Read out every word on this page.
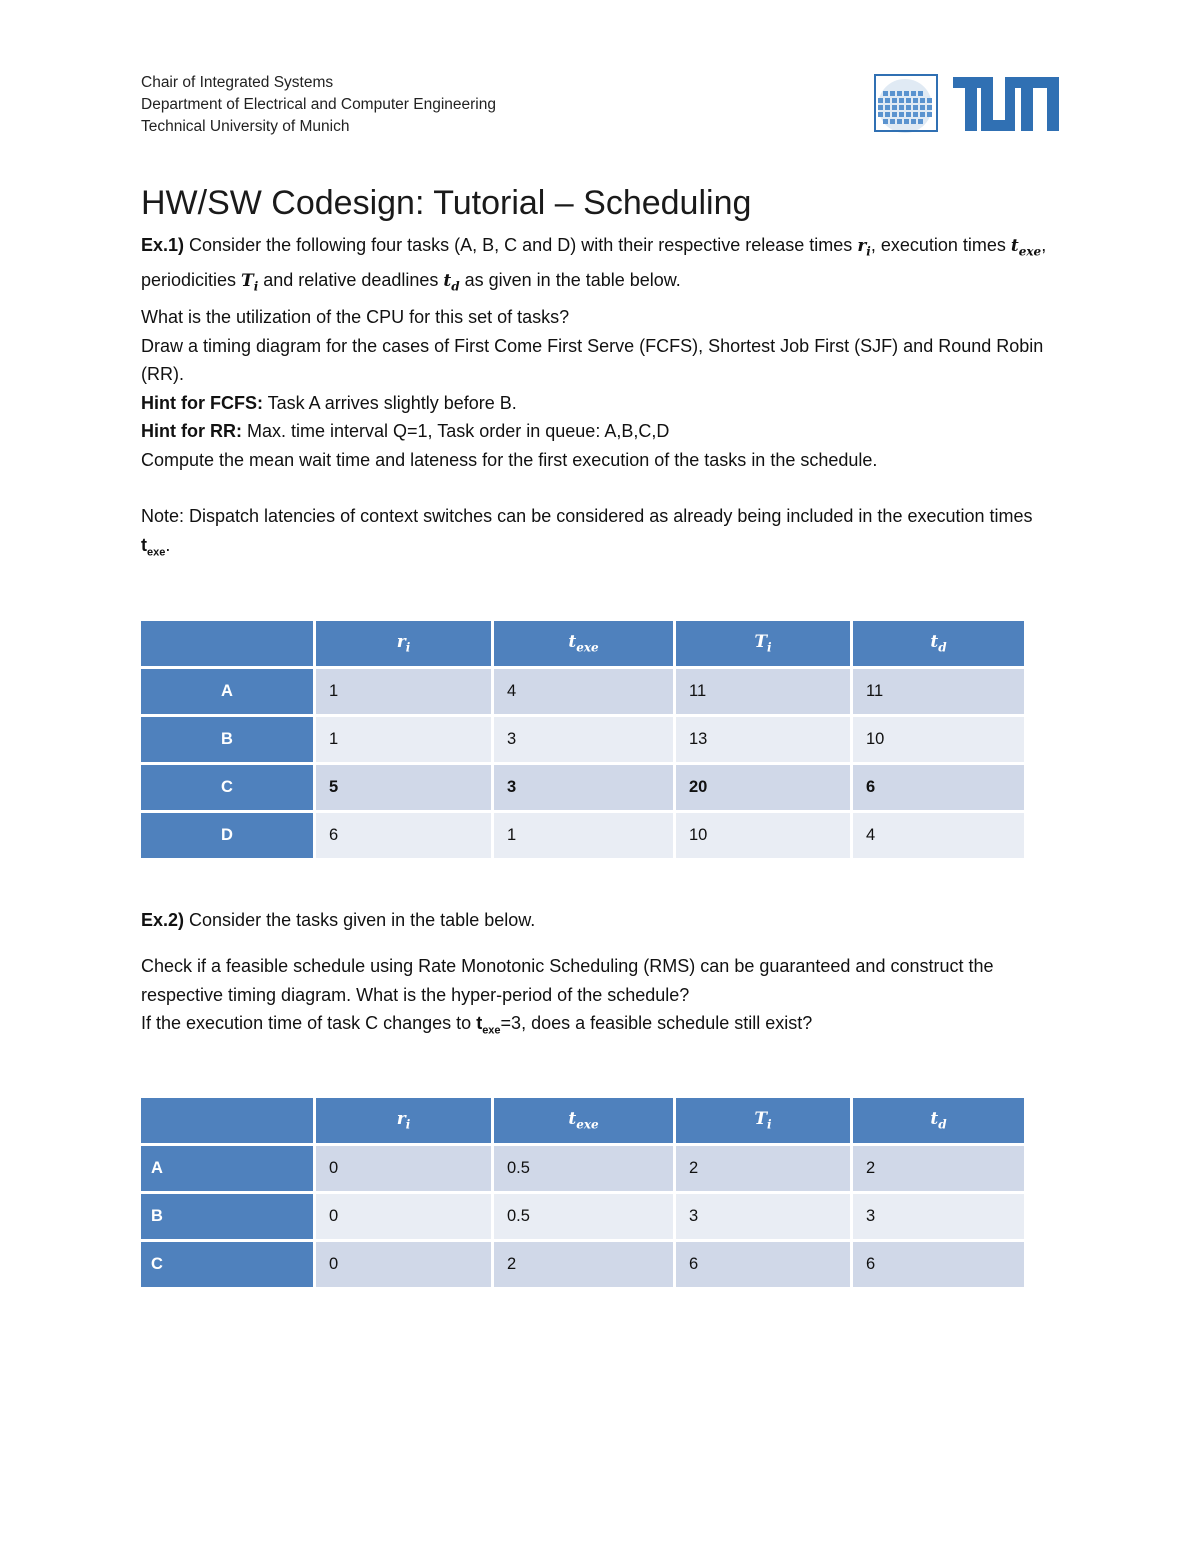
Chair of Integrated Systems
Department of Electrical and Computer Engineering
Technical University of Munich
HW/SW Codesign: Tutorial – Scheduling
Ex.1) Consider the following four tasks (A, B, C and D) with their respective release times $r_i$, execution times $t_{exe}$, periodicities $T_i$ and relative deadlines $t_d$ as given in the table below.
What is the utilization of the CPU for this set of tasks?
Draw a timing diagram for the cases of First Come First Serve (FCFS), Shortest Job First (SJF) and Round Robin (RR).
Hint for FCFS: Task A arrives slightly before B.
Hint for RR: Max. time interval Q=1, Task order in queue: A,B,C,D
Compute the mean wait time and lateness for the first execution of the tasks in the schedule.
Note: Dispatch latencies of context switches can be considered as already being included in the execution times $t_{exe}$.
	$r_i$	$t_{exe}$	$T_i$	$t_d$
A	1	4	11	11
B	1	3	13	10
C	5	3	20	6
D	6	1	10	4
Ex.2) Consider the tasks given in the table below.
Check if a feasible schedule using Rate Monotonic Scheduling (RMS) can be guaranteed and construct the respective timing diagram. What is the hyper-period of the schedule?
If the execution time of task C changes to $t_{exe}=3$, does a feasible schedule still exist?
	$r_i$	$t_{exe}$	$T_i$	$t_d$
A	0	0.5	2	2
B	0	0.5	3	3
C	0	2	6	6
